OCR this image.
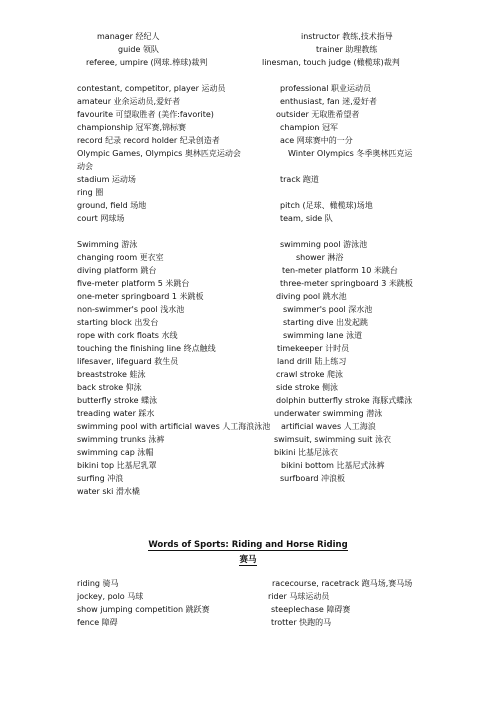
manager 经纪人	instructor 教练,技术指导
guide 领队	trainer 助理教练
referee, umpire (网球.棒球)裁判	linesman, touch judge (橄榄球)裁判
contestant, competitor, player 运动员	professional 职业运动员
amateur 业余运动员,爱好者	enthusiast, fan 迷,爱好者
favourite 可望取胜者 (美作:favorite)	outsider 无取胜希望者
championship 冠军赛,锦标赛	champion 冠军
record 纪录 record holder 纪录创造者	ace 网球赛中的一分
Olympic Games, Olympics 奥林匹克运动会	Winter Olympics 冬季奥林匹克运
动会
stadium 运动场	track 跑道
ring 圈
ground, field 场地	pitch (足球、橄榄球)场地
court 网球场	team, side 队
Swimming 游泳	swimming pool 游泳池
changing room 更衣室	shower 淋浴
diving platform 跳台	ten-meter platform 10 米跳台
five-meter platform 5 米跳台	three-meter springboard 3 米跳板
one-meter springboard 1 米跳板	diving pool 跳水池
non-swimmer's pool 浅水池	swimmer's pool 深水池
starting block 出发台	starting dive 出发起跳
rope with cork floats 水线	swimming lane 泳道
touching the finishing line 终点触线	timekeeper 计时员
lifesaver, lifeguard 救生员	land drill 陆上练习
breaststroke 蛙泳	crawl stroke 爬泳
back stroke 仰泳	side stroke 侧泳
butterfly stroke 蝶泳	dolphin butterfly stroke 海豚式蝶泳
treading water 踩水	underwater swimming 潜泳
swimming pool with artificial waves 人工海浪泳池 artificial waves 人工海浪
swimming trunks 泳裤	swimsuit, swimming suit 泳衣
swimming cap 泳帽	bikini 比基尼泳衣
bikini top 比基尼乳罩	bikini bottom 比基尼式泳裤
surfing 冲浪	surfboard 冲浪板
water ski 滑水橇
Words of Sports: Riding and Horse Riding
赛马
riding 骑马	racecourse, racetrack 跑马场,赛马场
jockey, polo 马球	rider 马球运动员
show jumping competition 跳跃赛	steeplechase 障碍赛
fence 障碍	trotter 快跑的马
